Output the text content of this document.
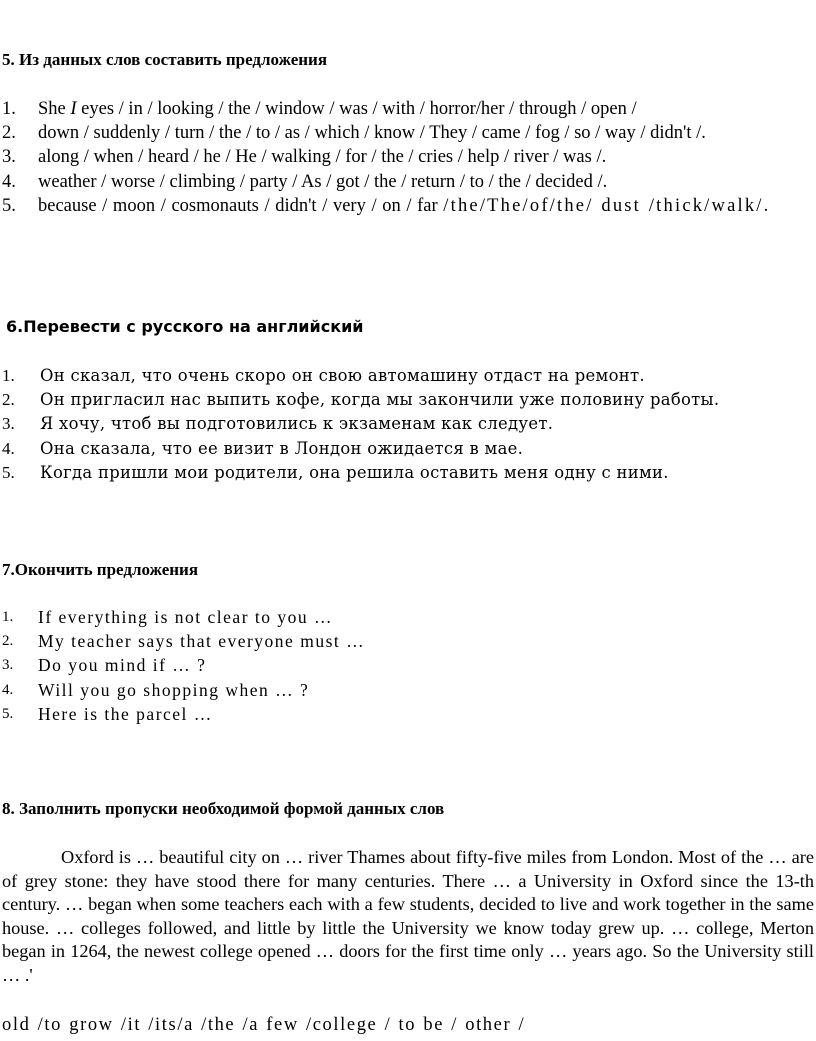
5. Из данных слов составить предложения
1. She I eyes / in / looking / the / window / was / with / horror/her / through / open /
2. down / suddenly / turn / the / to / as / which / know / They / came / fog / so / way / didn't /.
3. along / when / heard / he / He / walking / for / the / cries / help / river / was /.
4. weather / worse / climbing / party / As / got / the / return / to / the / decided /.
5. because / moon / cosmonauts / didn't / very / on / far /the/The/of/the/ dust /thick/walk/.
6.Перевести с русского на английский
1. Он сказал, что очень скоро он свою автомашину отдаст на ремонт.
2. Он пригласил нас выпить кофе, когда мы закончили уже половину работы.
3. Я хочу, чтоб вы подготовились к экзаменам как следует.
4. Она сказала, что ее визит в Лондон ожидается в мае.
5. Когда пришли мои родители, она решила оставить меня одну с ними.
7.Окончить предложения
1. If everything is not clear to you …
2. My teacher says that everyone must …
3. Do you mind if … ?
4. Will you go shopping when … ?
5. Here is the parcel …
8. Заполнить пропуски необходимой формой данных слов

Oxford is … beautiful city on … river Thames about fifty-five miles from London. Most of the … are of grey stone: they have stood there for many centuries. There … a University in Oxford since the 13-th century. … began when some teachers each with a few students, decided to live and work together in the same house. … colleges followed, and little by little the University we know today grew up. … college, Merton began in 1264, the newest college opened … doors for the first time only … years ago. So the University still … .'

old /to grow /it /its/a /the /a few /college / to be / other /
